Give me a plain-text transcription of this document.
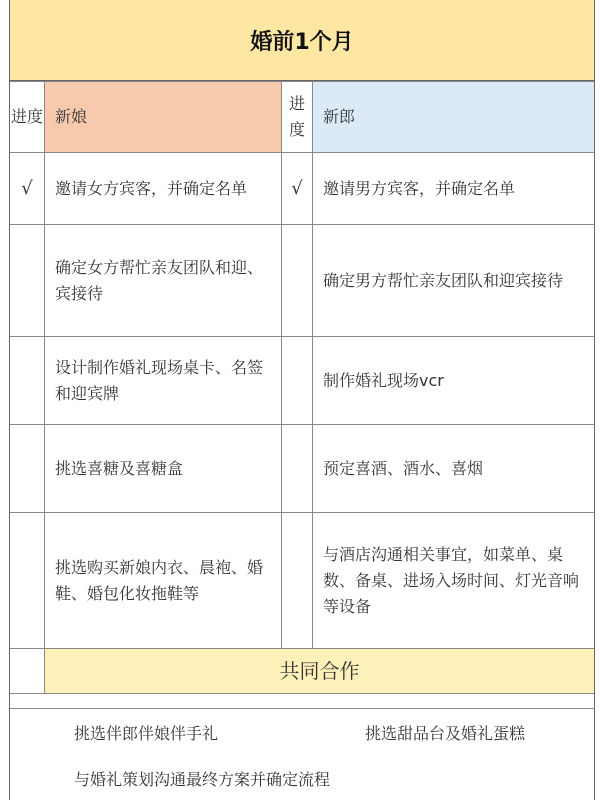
婚前1个月
进度	新娘	进度	新郎
√	邀请女方宾客，并确定名单	√	邀请男方宾客，并确定名单
	确定女方帮忙亲友团队和迎、宾接待		确定男方帮忙亲友团队和迎宾接待
	设计制作婚礼现场桌卡、名签和迎宾牌		制作婚礼现场vcr
	挑选喜糖及喜糖盒		预定喜酒、酒水、喜烟
	挑选购买新娘内衣、晨袍、婚鞋、婚包化妆拖鞋等		与酒店沟通相关事宜，如菜单、桌数、备桌、进场入场时间、灯光音响等设备
	共同合作		
挑选伴郎伴娘伴手礼	挑选甜品台及婚礼蛋糕
与婚礼策划沟通最终方案并确定流程
